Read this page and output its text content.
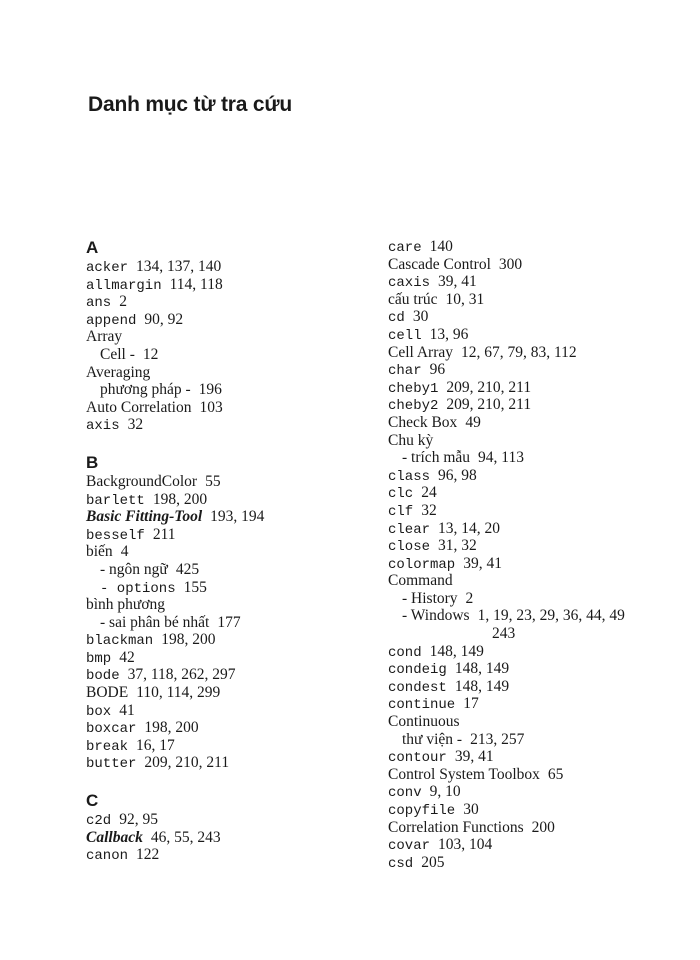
Danh mục từ tra cứu
A
acker 134, 137, 140
allmargin 114, 118
ans 2
append 90, 92
Array
Cell - 12
Averaging
phương pháp - 196
Auto Correlation 103
axis 32
B
BackgroundColor 55
barlett 198, 200
Basic Fitting-Tool 193, 194
besself 211
biến 4
- ngôn ngữ 425
- options 155
bình phương
- sai phân bé nhất 177
blackman 198, 200
bmp 42
bode 37, 118, 262, 297
BODE 110, 114, 299
box 41
boxcar 198, 200
break 16, 17
butter 209, 210, 211
C
c2d 92, 95
Callback 46, 55, 243
canon 122
care 140
Cascade Control 300
caxis 39, 41
cấu trúc 10, 31
cd 30
cell 13, 96
Cell Array 12, 67, 79, 83, 112
char 96
cheby1 209, 210, 211
cheby2 209, 210, 211
Check Box 49
Chu kỳ
- trích mẫu 94, 113
class 96, 98
clc 24
clf 32
clear 13, 14, 20
close 31, 32
colormap 39, 41
Command
- History 2
- Windows 1, 19, 23, 29, 36, 44, 49
243
cond 148, 149
condeig 148, 149
condest 148, 149
continue 17
Continuous
thư viện - 213, 257
contour 39, 41
Control System Toolbox 65
conv 9, 10
copyfile 30
Correlation Functions 200
covar 103, 104
csd 205
